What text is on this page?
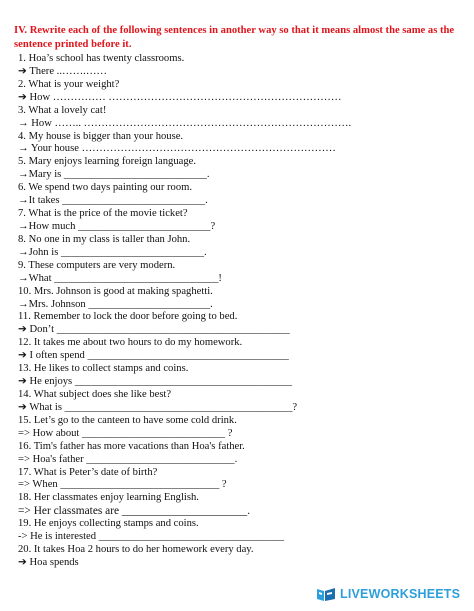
IV. Rewrite each of the following sentences in another way so that it means almost the same as the sentence printed before it.
1. Hoa’s school has twenty classrooms.
➔ There ..…….……
2. What is your weight?
➔ How …………… …………………………………………………………
3. What a lovely cat!
→ How …….. ………………………………………………………………….
4. My house is bigger than your house.
→ Your house ………………………………………………………………
5. Mary enjoys learning foreign language.
→Mary is ___________________________.
6. We spend two days painting our room.
→It takes ___________________________.
7. What is the price of the movie ticket?
→How much _________________________?
8. No one in my class is taller than John.
→John is ___________________________.
9. These computers are very modern.
→What _______________________________!
10. Mrs. Johnson is good at making spaghetti.
→Mrs. Johnson _______________________.
11. Remember to lock the door before going to bed.
➔ Don’t ____________________________________________
12. It takes me about two hours to do my homework.
➔ I often spend ______________________________________
13. He likes to collect stamps and coins.
➔ He enjoys _________________________________________
14. What subject does she like best?
➔ What is ___________________________________________?
15. Let’s go to the canteen to have some cold drink.
=> How about ___________________________ ?
16. Tim's father has more vacations than Hoa's father.
=> Hoa's father ____________________________.
17. What is Peter’s date of birth?
=> When ______________________________ ?
18. Her classmates enjoy learning English.
=> Her classmates are ______________________.
19. He enjoys collecting stamps and coins.
-> He is interested ___________________________________
20. It takes Hoa 2 hours to do her homework every day.
➔ Hoa spends
LIVEWORKSHEETS
